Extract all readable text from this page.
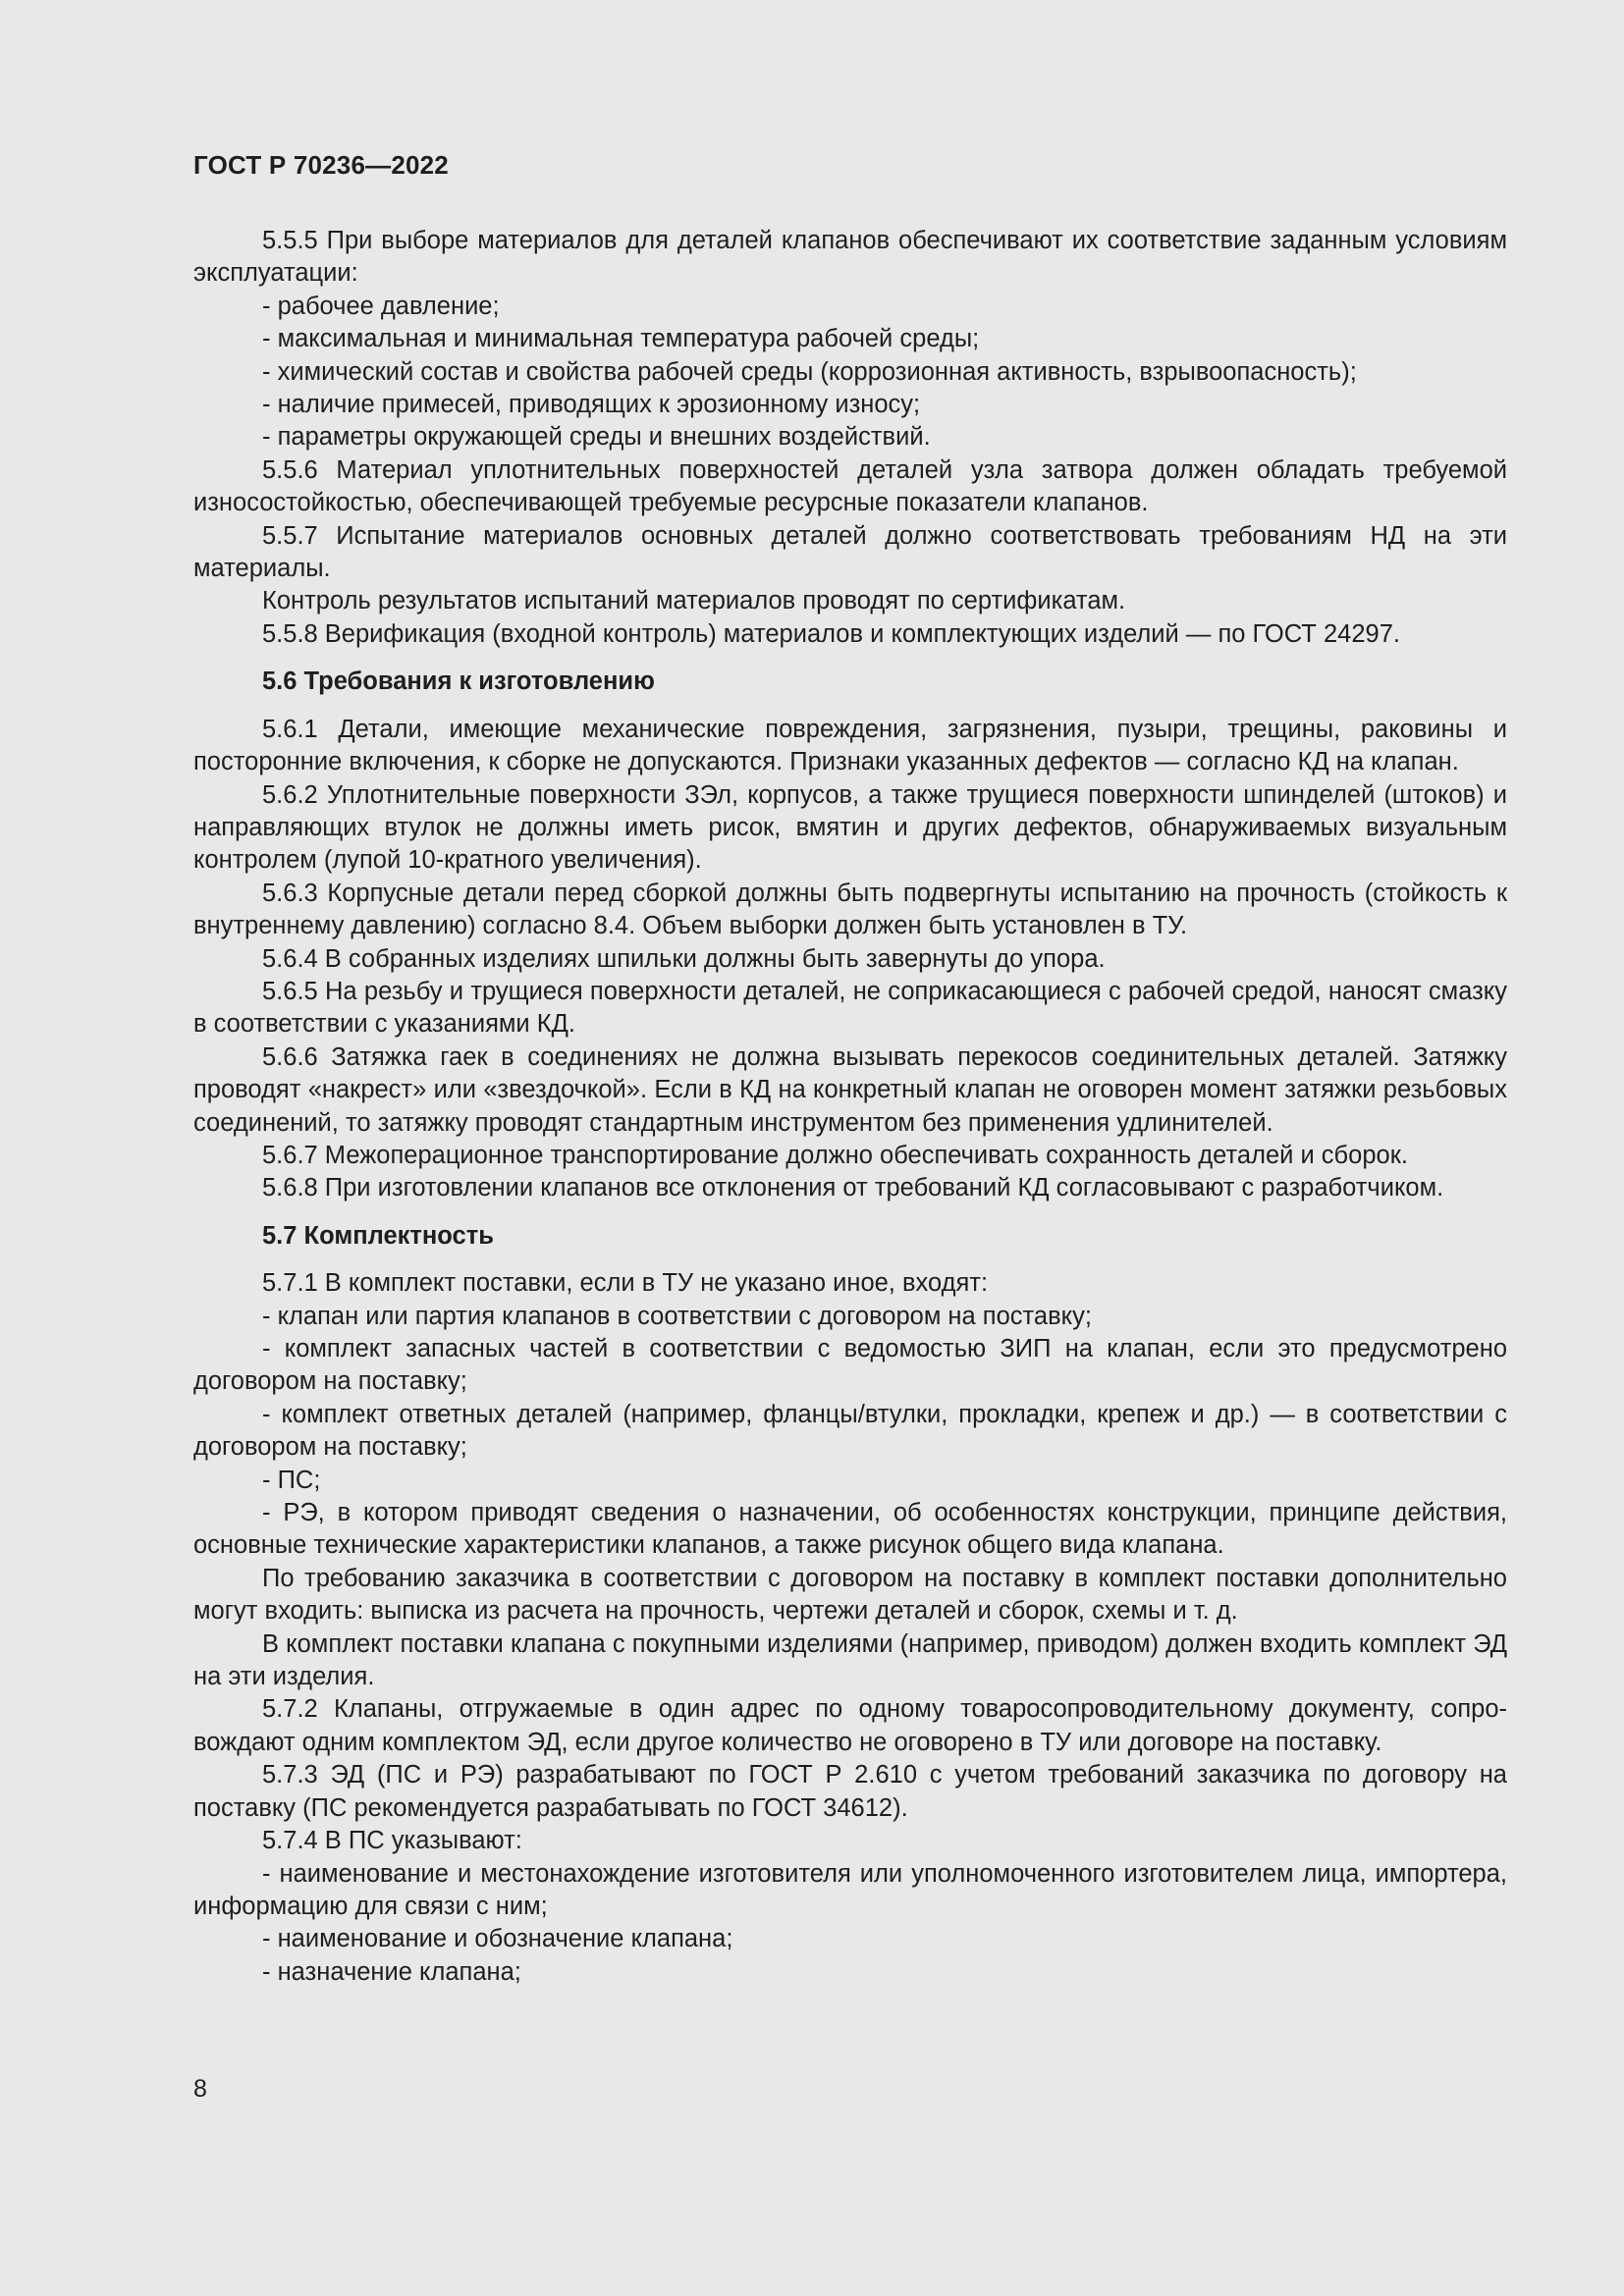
ГОСТ Р 70236—2022

5.5.5 При выборе материалов для деталей клапанов обеспечивают их соответствие заданным условиям эксплуатации:

- рабочее давление;

- максимальная и минимальная температура рабочей среды;

- химический состав и свойства рабочей среды (коррозионная активность, взрывоопасность);

- наличие примесей, приводящих к эрозионному износу;

- параметры окружающей среды и внешних воздействий.

5.5.6 Материал уплотнительных поверхностей деталей узла затвора должен обладать требуемой износостойкостью, обеспечивающей требуемые ресурсные показатели клапанов.

5.5.7 Испытание материалов основных деталей должно соответствовать требованиям НД на эти материалы.

Контроль результатов испытаний материалов проводят по сертификатам.

5.5.8 Верификация (входной контроль) материалов и комплектующих изделий — по ГОСТ 24297.

5.6 Требования к изготовлению

5.6.1 Детали, имеющие механические повреждения, загрязнения, пузыри, трещины, раковины и посторонние включения, к сборке не допускаются. Признаки указанных дефектов — согласно КД на клапан.

5.6.2 Уплотнительные поверхности ЗЭл, корпусов, а также трущиеся поверхности шпинделей (штоков) и направляющих втулок не должны иметь рисок, вмятин и других дефектов, обнаруживаемых визуальным контролем (лупой 10-кратного увеличения).

5.6.3 Корпусные детали перед сборкой должны быть подвергнуты испытанию на прочность (стойкость к внутреннему давлению) согласно 8.4. Объем выборки должен быть установлен в ТУ.

5.6.4 В собранных изделиях шпильки должны быть завернуты до упора.

5.6.5 На резьбу и трущиеся поверхности деталей, не соприкасающиеся с рабочей средой, наносят смазку в соответствии с указаниями КД.

5.6.6 Затяжка гаек в соединениях не должна вызывать перекосов соединительных деталей. Затяжку проводят «накрест» или «звездочкой». Если в КД на конкретный клапан не оговорен момент затяжки резьбовых соединений, то затяжку проводят стандартным инструментом без применения удлинителей.

5.6.7 Межоперационное транспортирование должно обеспечивать сохранность деталей и сборок.

5.6.8 При изготовлении клапанов все отклонения от требований КД согласовывают с разработчиком.

5.7 Комплектность

5.7.1 В комплект поставки, если в ТУ не указано иное, входят:

- клапан или партия клапанов в соответствии с договором на поставку;

- комплект запасных частей в соответствии с ведомостью ЗИП на клапан, если это предусмотрено договором на поставку;

- комплект ответных деталей (например, фланцы/втулки, прокладки, крепеж и др.) — в соответствии с договором на поставку;

- ПС;

- РЭ, в котором приводят сведения о назначении, об особенностях конструкции, принципе действия, основные технические характеристики клапанов, а также рисунок общего вида клапана.

По требованию заказчика в соответствии с договором на поставку в комплект поставки дополнительно могут входить: выписка из расчета на прочность, чертежи деталей и сборок, схемы и т. д.

В комплект поставки клапана с покупными изделиями (например, приводом) должен входить комплект ЭД на эти изделия.

5.7.2 Клапаны, отгружаемые в один адрес по одному товаросопроводительному документу, сопровождают одним комплектом ЭД, если другое количество не оговорено в ТУ или договоре на поставку.

5.7.3 ЭД (ПС и РЭ) разрабатывают по ГОСТ Р 2.610 с учетом требований заказчика по договору на поставку (ПС рекомендуется разрабатывать по ГОСТ 34612).

5.7.4 В ПС указывают:

- наименование и местонахождение изготовителя или уполномоченного изготовителем лица, импортера, информацию для связи с ним;

- наименование и обозначение клапана;

- назначение клапана;

8
